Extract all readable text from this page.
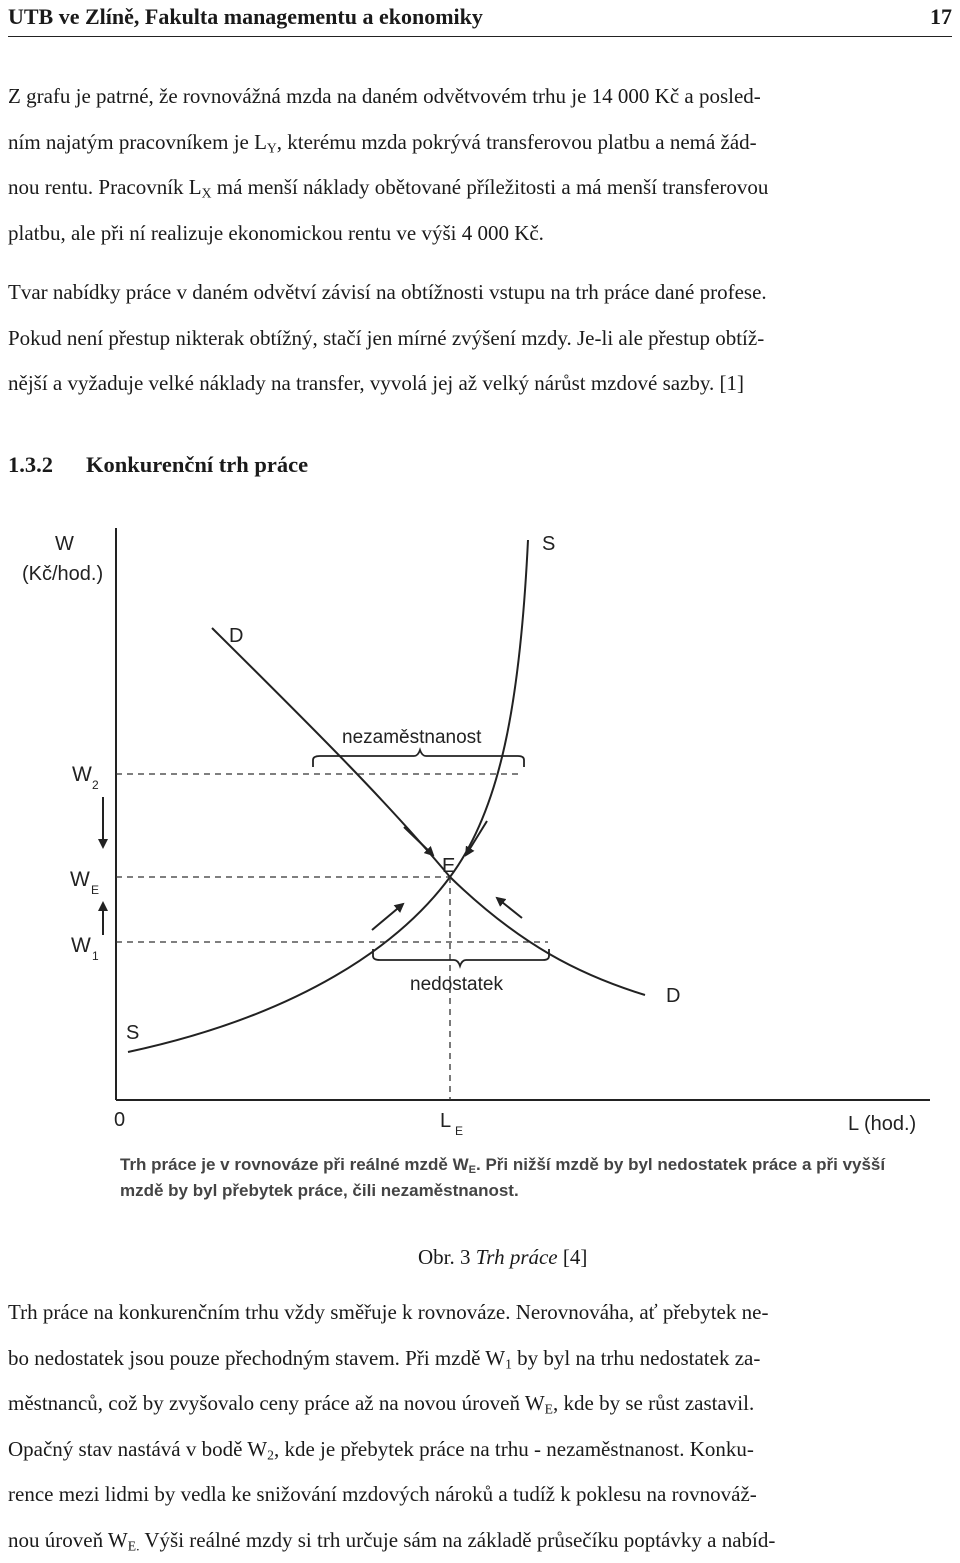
UTB ve Zlíně, Fakulta managementu a ekonomiky	17
Z grafu je patrné, že rovnovážná mzda na daném odvětvovém trhu je 14 000 Kč a posled-
ním najatým pracovníkem je $L_Y$, kterému mzda pokrývá transferovou platbu a nemá žád-
nou rentu. Pracovník $L_X$ má menší náklady obětované příležitosti a má menší transferovou
platbu, ale při ní realizuje ekonomickou rentu ve výši 4 000 Kč.
Tvar nabídky práce v daném odvětví závisí na obtížnosti vstupu na trh práce dané profese.
Pokud není přestup nikterak obtížný, stačí jen mírné zvýšení mzdy. Je-li ale přestup obtíž-
nější a vyžaduje velké náklady na transfer, vyvolá jej až velký nárůst mzdové sazby. [1]
1.3.2 Konkurenční trh práce
W
(Kč/hod.)
L (hod.)
0
W 2
W E
W 1
L E
S
S
D
D
E
nezaměstnanost
nedostatek
Trh práce je v rovnováze při reálné mzdě $W_E$. Při nižší mzdě by byl nedostatek práce a při vyšší
mzdě by byl přebytek práce, čili nezaměstnanost.
Obr. 3 Trh práce [4]
Trh práce na konkurenčním trhu vždy směřuje k rovnováze. Nerovnováha, ať přebytek ne-
bo nedostatek jsou pouze přechodným stavem. Při mzdě $W_1$ by byl na trhu nedostatek za-
městnanců, což by zvyšovalo ceny práce až na novou úroveň $W_E$, kde by se růst zastavil.
Opačný stav nastává v bodě $W_2$, kde je přebytek práce na trhu - nezaměstnanost. Konku-
rence mezi lidmi by vedla ke snižování mzdových nároků a tudíž k poklesu na rovnováž-
nou úroveň $W_{E.}$ Výši reálné mzdy si trh určuje sám na základě průsečíku poptávky a nabíd-
